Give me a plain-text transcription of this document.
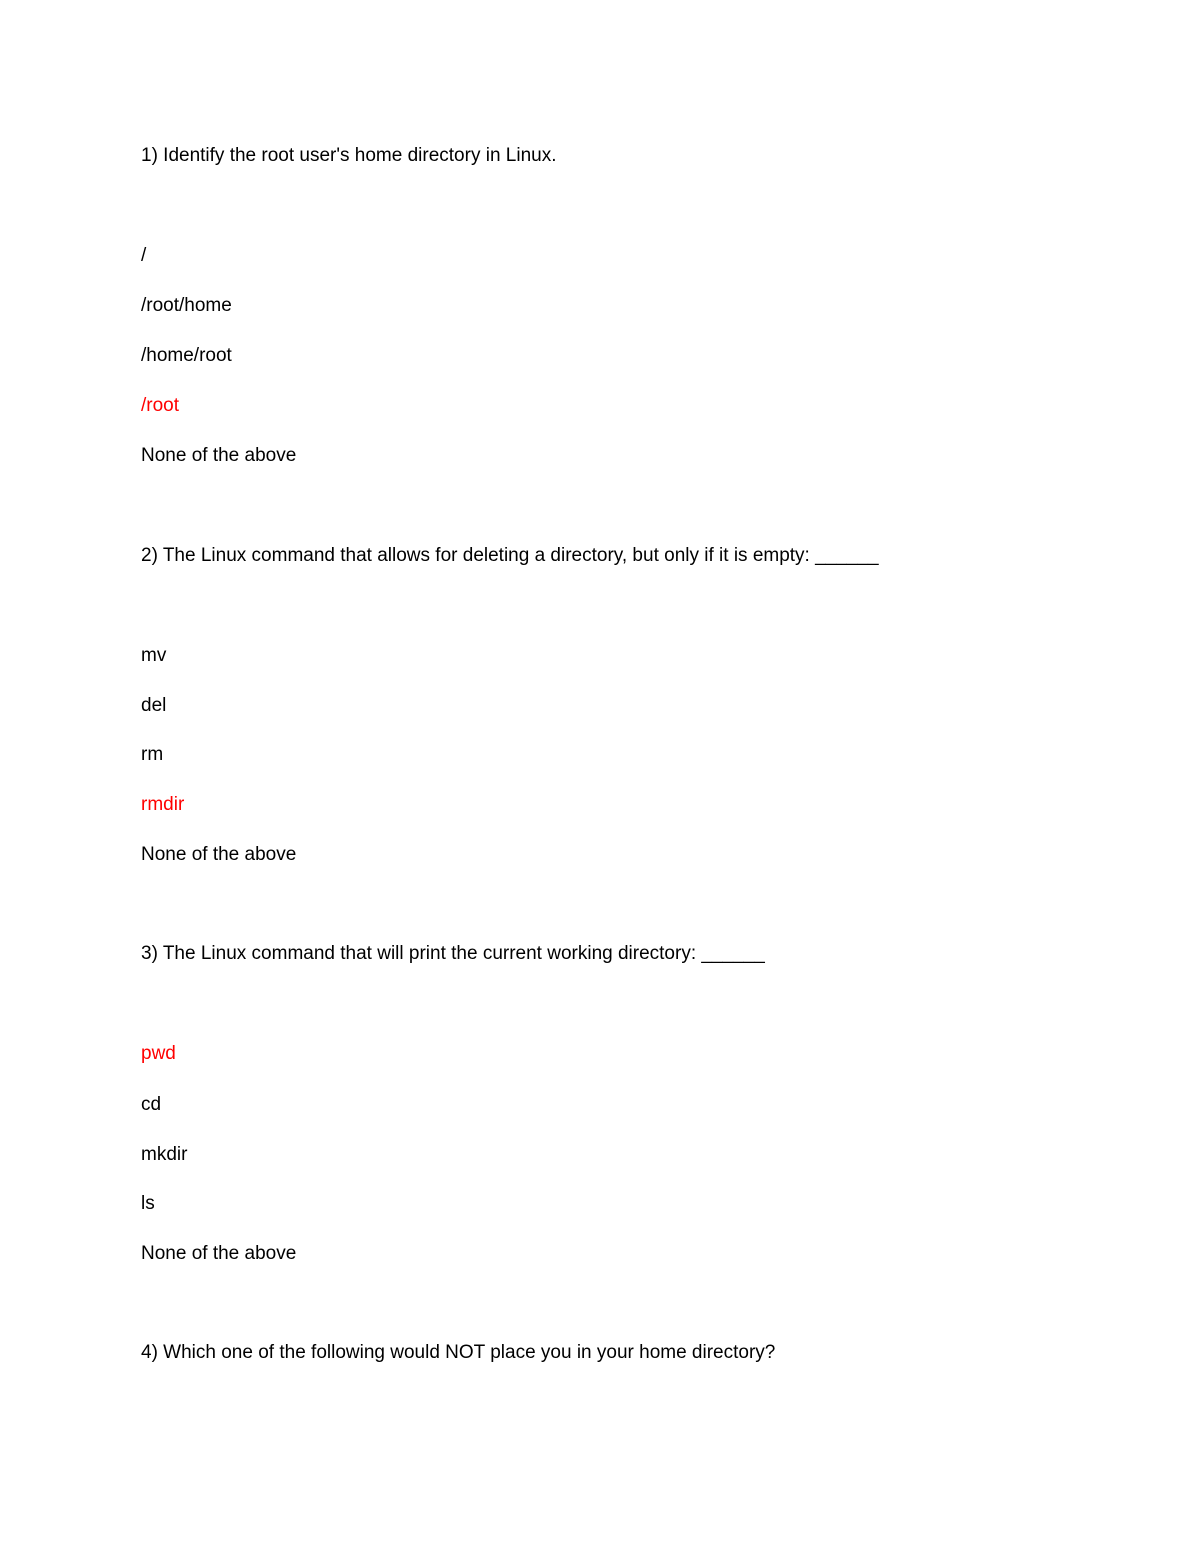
1) Identify the root user's home directory in Linux.

/

/root/home

/home/root

/root

None of the above

2) The Linux command that allows for deleting a directory, but only if it is empty: ______

mv

del

rm

rmdir

None of the above

3) The Linux command that will print the current working directory: ______

pwd

cd

mkdir

ls

None of the above

4) Which one of the following would NOT place you in your home directory?
